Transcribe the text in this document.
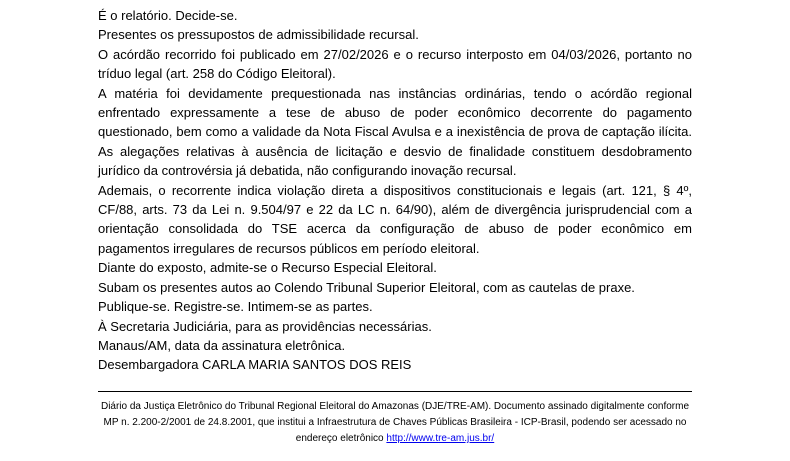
É o relatório. Decide-se.

Presentes os pressupostos de admissibilidade recursal.

O acórdão recorrido foi publicado em 27/02/2026 e o recurso interposto em 04/03/2026, portanto no tríduo legal (art. 258 do Código Eleitoral).

A matéria foi devidamente prequestionada nas instâncias ordinárias, tendo o acórdão regional enfrentado expressamente a tese de abuso de poder econômico decorrente do pagamento questionado, bem como a validade da Nota Fiscal Avulsa e a inexistência de prova de captação ilícita. As alegações relativas à ausência de licitação e desvio de finalidade constituem desdobramento jurídico da controvérsia já debatida, não configurando inovação recursal.

Ademais, o recorrente indica violação direta a dispositivos constitucionais e legais (art. 121, § 4º, CF/88, arts. 73 da Lei n. 9.504/97 e 22 da LC n. 64/90), além de divergência jurisprudencial com a orientação consolidada do TSE acerca da configuração de abuso de poder econômico em pagamentos irregulares de recursos públicos em período eleitoral.

Diante do exposto, admite-se o Recurso Especial Eleitoral.

Subam os presentes autos ao Colendo Tribunal Superior Eleitoral, com as cautelas de praxe.

Publique-se. Registre-se. Intimem-se as partes.

À Secretaria Judiciária, para as providências necessárias.

Manaus/AM, data da assinatura eletrônica.

Desembargadora CARLA MARIA SANTOS DOS REIS

Diário da Justiça Eletrônico do Tribunal Regional Eleitoral do Amazonas (DJE/TRE-AM). Documento assinado digitalmente conforme MP n. 2.200-2/2001 de 24.8.2001, que institui a Infraestrutura de Chaves Públicas Brasileira - ICP-Brasil, podendo ser acessado no endereço eletrônico http://www.tre-am.jus.br/
